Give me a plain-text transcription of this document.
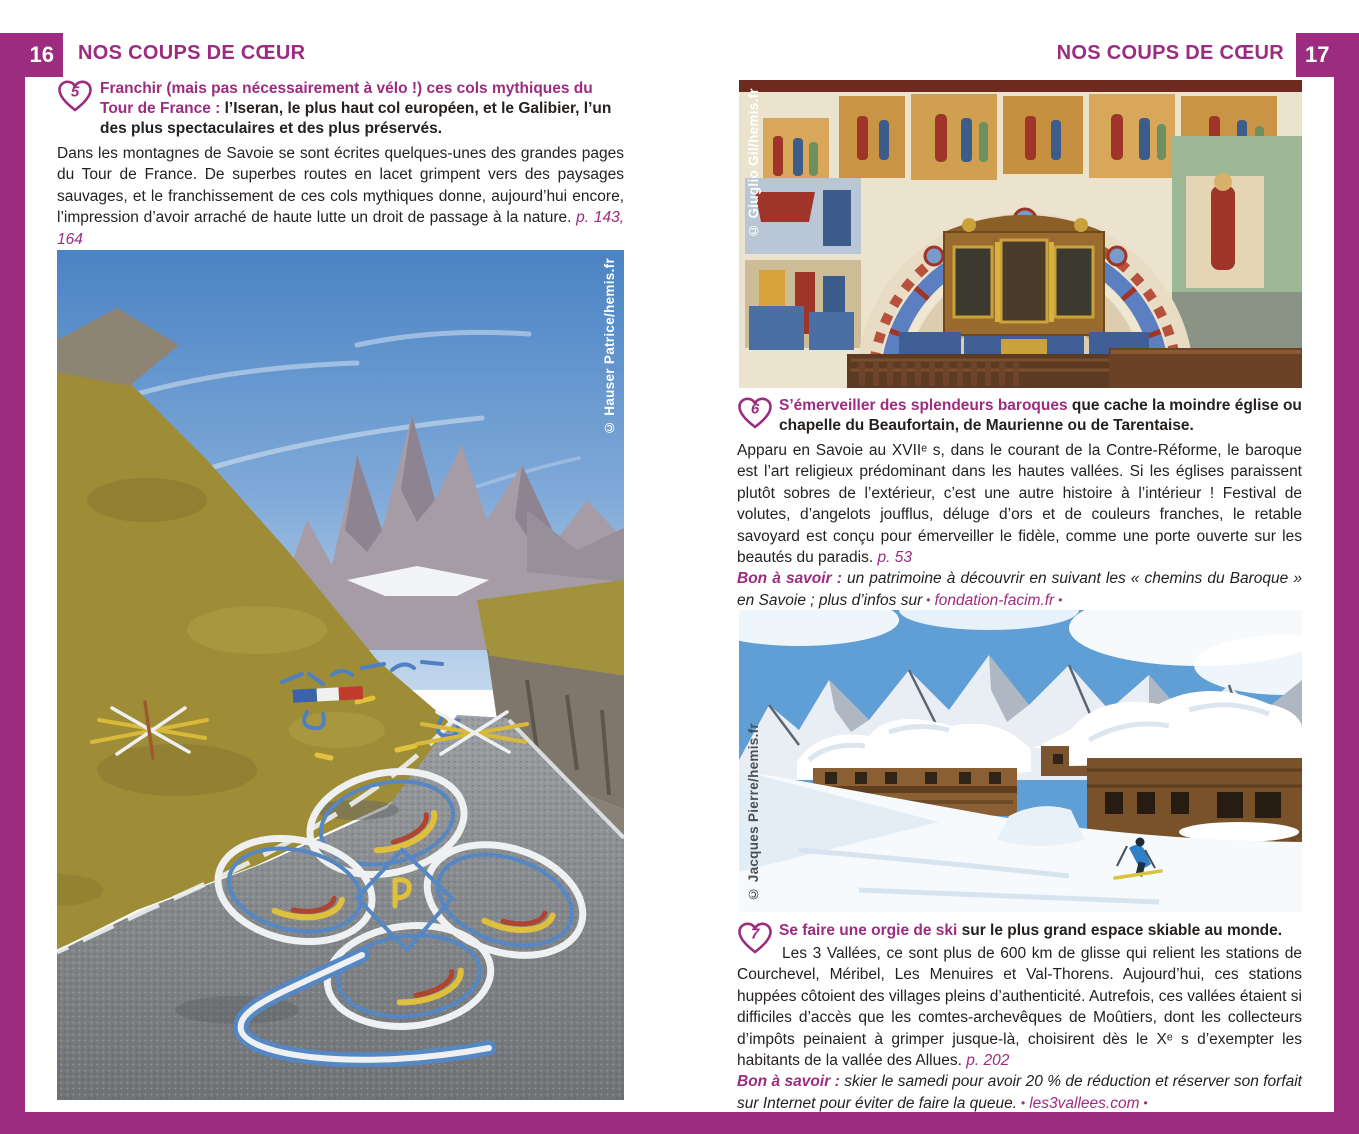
16	17
NOS COUPS DE CŒUR	NOS COUPS DE CŒUR
5 Franchir (mais pas nécessairement à vélo !) ces cols mythiques du Tour de France : l’Iseran, le plus haut col européen, et le Galibier, l’un des plus spectaculaires et des plus préservés.

Dans les montagnes de Savoie se sont écrites quelques-unes des grandes pages du Tour de France. De superbes routes en lacet grimpent vers des paysages sauvages, et le franchissement de ces cols mythiques donne, aujourd’hui encore, l’impression d’avoir arraché de haute lutte un droit de passage à la nature. p. 143, 164

© Hauser Patrice/hemis.fr
© Giuglio Gil/hemis.fr
6 S’émerveiller des splendeurs baroques que cache la moindre église ou chapelle du Beaufortain, de Maurienne ou de Tarentaise.

Apparu en Savoie au XVIIᵉ s, dans le courant de la Contre-Réforme, le baroque est l’art religieux prédominant dans les hautes vallées. Si les églises paraissent plutôt sobres de l’extérieur, c’est une autre histoire à l’intérieur ! Festival de volutes, d’angelots joufflus, déluge d’ors et de couleurs franches, le retable savoyard est conçu pour émerveiller le fidèle, comme une porte ouverte sur les beautés du paradis. p. 53

Bon à savoir : un patrimoine à découvrir en suivant les « chemins du Baroque » en Savoie ; plus d’infos sur • fondation-facim.fr •

© Jacques Pierre/hemis.fr
7 Se faire une orgie de ski sur le plus grand espace skiable au monde.

Les 3 Vallées, ce sont plus de 600 km de glisse qui relient les stations de Courchevel, Méribel, Les Menuires et Val-Thorens. Aujourd’hui, ces stations huppées côtoient des villages pleins d’authenticité. Autrefois, ces vallées étaient si difficiles d’accès que les comtes-archevêques de Moûtiers, dont les collecteurs d’impôts peinaient à grimper jusque-là, choisirent dès le Xᵉ s d’exempter les habitants de la vallée des Allues. p. 202

Bon à savoir : skier le samedi pour avoir 20 % de réduction et réserver son forfait sur Internet pour éviter de faire la queue. • les3vallees.com •
